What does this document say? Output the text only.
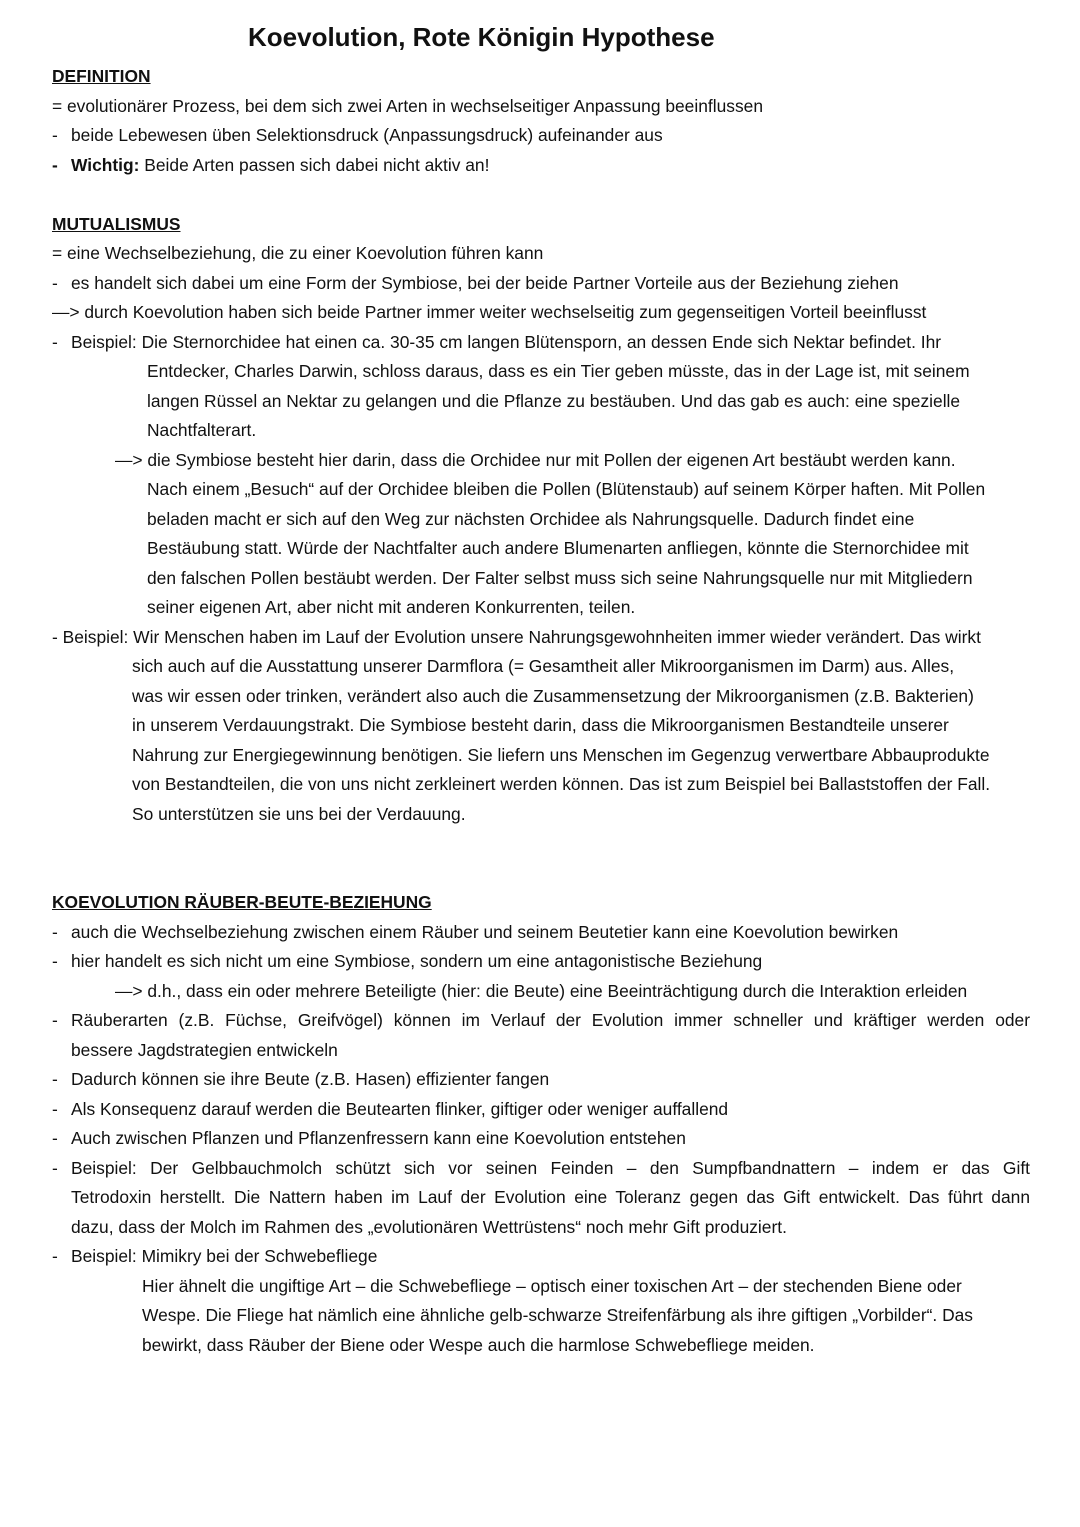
Koevolution, Rote Königin Hypothese
DEFINITION
= evolutionärer Prozess, bei dem sich zwei Arten in wechselseitiger Anpassung beeinflussen
- beide Lebewesen üben Selektionsdruck (Anpassungsdruck) aufeinander aus
- Wichtig: Beide Arten passen sich dabei nicht aktiv an!
MUTUALISMUS
= eine Wechselbeziehung, die zu einer Koevolution führen kann
- es handelt sich dabei um eine Form der Symbiose, bei der beide Partner Vorteile aus der Beziehung ziehen
—> durch Koevolution haben sich beide Partner immer weiter wechselseitig zum gegenseitigen Vorteil beeinflusst
- Beispiel: Die Sternorchidee hat einen ca. 30-35 cm langen Blütensporn, an dessen Ende sich Nektar befindet. Ihr
Entdecker, Charles Darwin, schloss daraus, dass es ein Tier geben müsste, das in der Lage ist, mit seinem
langen Rüssel an Nektar zu gelangen und die Pflanze zu bestäuben. Und das gab es auch: eine spezielle
Nachtfalterart.
—> die Symbiose besteht hier darin, dass die Orchidee nur mit Pollen der eigenen Art bestäubt werden kann.
Nach einem „Besuch“ auf der Orchidee bleiben die Pollen (Blütenstaub) auf seinem Körper haften. Mit Pollen
beladen macht er sich auf den Weg zur nächsten Orchidee als Nahrungsquelle. Dadurch findet eine
Bestäubung statt. Würde der Nachtfalter auch andere Blumenarten anfliegen, könnte die Sternorchidee mit
den falschen Pollen bestäubt werden. Der Falter selbst muss sich seine Nahrungsquelle nur mit Mitgliedern
seiner eigenen Art, aber nicht mit anderen Konkurrenten, teilen.
- Beispiel: Wir Menschen haben im Lauf der Evolution unsere Nahrungsgewohnheiten immer wieder verändert. Das wirkt
sich auch auf die Ausstattung unserer Darmflora (= Gesamtheit aller Mikroorganismen im Darm) aus. Alles,
was wir essen oder trinken, verändert also auch die Zusammensetzung der Mikroorganismen (z.B. Bakterien)
in unserem Verdauungstrakt. Die Symbiose besteht darin, dass die Mikroorganismen Bestandteile unserer
Nahrung zur Energiegewinnung benötigen. Sie liefern uns Menschen im Gegenzug verwertbare Abbauprodukte
von Bestandteilen, die von uns nicht zerkleinert werden können. Das ist zum Beispiel bei Ballaststoffen der Fall.
So unterstützen sie uns bei der Verdauung.
KOEVOLUTION RÄUBER-BEUTE-BEZIEHUNG
- auch die Wechselbeziehung zwischen einem Räuber und seinem Beutetier kann eine Koevolution bewirken
- hier handelt es sich nicht um eine Symbiose, sondern um eine antagonistische Beziehung
—> d.h., dass ein oder mehrere Beteiligte (hier: die Beute) eine Beeinträchtigung durch die Interaktion erleiden
- Räuberarten (z.B. Füchse, Greifvögel) können im Verlauf der Evolution immer schneller und kräftiger werden oder
bessere Jagdstrategien entwickeln
- Dadurch können sie ihre Beute (z.B. Hasen) effizienter fangen
- Als Konsequenz darauf werden die Beutearten flinker, giftiger oder weniger auffallend
- Auch zwischen Pflanzen und Pflanzenfressern kann eine Koevolution entstehen
- Beispiel: Der Gelbbauchmolch schützt sich vor seinen Feinden – den Sumpfbandnattern – indem er das Gift
Tetrodoxin herstellt. Die Nattern haben im Lauf der Evolution eine Toleranz gegen das Gift entwickelt. Das führt dann
dazu, dass der Molch im Rahmen des „evolutionären Wettrüstens“ noch mehr Gift produziert.
- Beispiel: Mimikry bei der Schwebefliege
Hier ähnelt die ungiftige Art – die Schwebefliege – optisch einer toxischen Art – der stechenden Biene oder
Wespe. Die Fliege hat nämlich eine ähnliche gelb-schwarze Streifenfärbung als ihre giftigen „Vorbilder“. Das
bewirkt, dass Räuber der Biene oder Wespe auch die harmlose Schwebefliege meiden.
